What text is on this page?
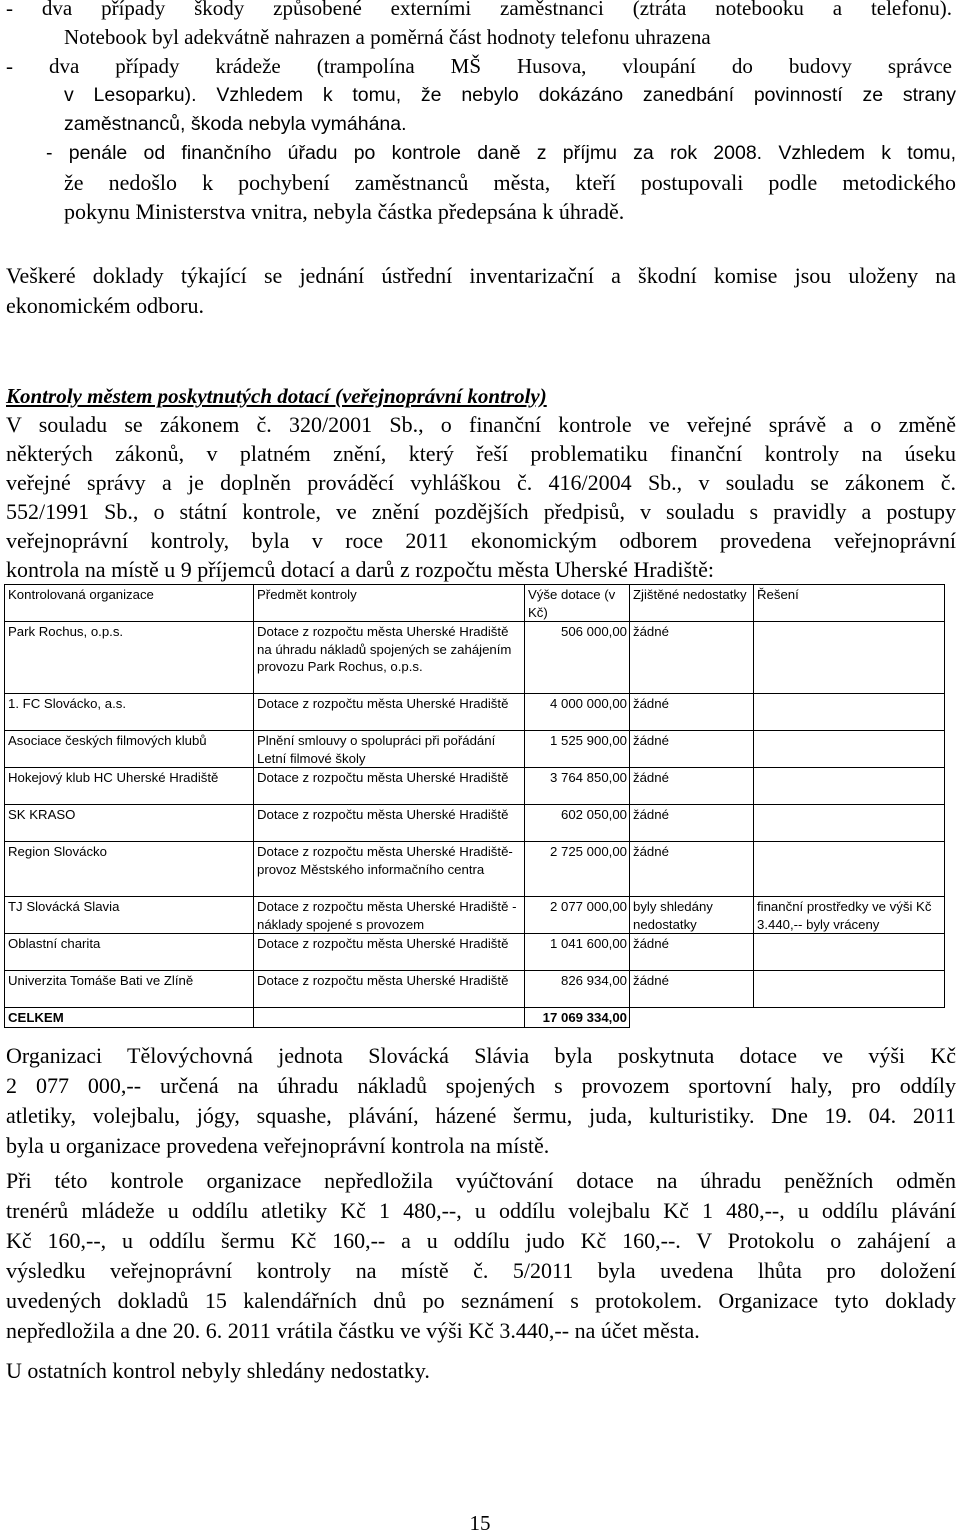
- dva případy škody způsobené externími zaměstnanci (ztráta notebooku a telefonu).
Notebook byl adekvátně nahrazen a poměrná část hodnoty telefonu uhrazena
- dva případy krádeže (trampolína MŠ Husova, vloupání do budovy správce
v Lesoparku). Vzhledem k tomu, že nebylo dokázáno zanedbání povinností ze strany
zaměstnanců, škoda nebyla vymáhána.
- penále od finančního úřadu po kontrole daně z příjmu za rok 2008. Vzhledem k tomu,
že nedošlo k pochybení zaměstnanců města, kteří postupovali podle metodického
pokynu Ministerstva vnitra, nebyla částka předepsána k úhradě.
Veškeré doklady týkající se jednání ústřední inventarizační a škodní komise jsou uloženy na
ekonomickém odboru.
Kontroly městem poskytnutých dotací (veřejnoprávní kontroly)
V souladu se zákonem č. 320/2001 Sb., o finanční kontrole ve veřejné správě a o změně
některých zákonů, v platném znění, který řeší problematiku finanční kontroly na úseku
veřejné správy a je doplněn prováděcí vyhláškou č. 416/2004 Sb., v souladu se zákonem č.
552/1991 Sb., o státní kontrole, ve znění pozdějších předpisů, v souladu s pravidly a postupy
veřejnoprávní kontroly, byla v roce 2011 ekonomickým odborem provedena veřejnoprávní
kontrola na místě u 9 příjemců dotací a darů z rozpočtu města Uherské Hradiště:
Kontrolovaná organizace	Předmět kontroly	Výše dotace (v Kč)	Zjištěné nedostatky	Řešení
Park Rochus, o.p.s.	Dotace z rozpočtu města Uherské Hradiště na úhradu nákladů spojených se zahájením provozu Park Rochus, o.p.s.	506 000,00	žádné	
1. FC Slovácko, a.s.	Dotace z rozpočtu města Uherské Hradiště	4 000 000,00	žádné	
Asociace českých filmových klubů	Plnění smlouvy o spolupráci při pořádání Letní filmové školy	1 525 900,00	žádné	
Hokejový klub HC Uherské Hradiště	Dotace z rozpočtu města Uherské Hradiště	3 764 850,00	žádné	
SK KRASO	Dotace z rozpočtu města Uherské Hradiště	602 050,00	žádné	
Region Slovácko	Dotace z rozpočtu města Uherské Hradiště- provoz Městského informačního centra	2 725 000,00	žádné	
TJ Slovácká Slavia	Dotace z rozpočtu města Uherské Hradiště -náklady spojené s provozem	2 077 000,00	byly shledány nedostatky	finanční prostředky ve výši Kč 3.440,-- byly vráceny
Oblastní charita	Dotace z rozpočtu města Uherské Hradiště	1 041 600,00	žádné	
Univerzita Tomáše Bati ve Zlíně	Dotace z rozpočtu města Uherské Hradiště	826 934,00	žádné	
CELKEM		17 069 334,00		
Organizaci Tělovýchovná jednota Slovácká Slávia byla poskytnuta dotace ve výši Kč
2 077 000,-- určená na úhradu nákladů spojených s provozem sportovní haly, pro oddíly
atletiky, volejbalu, jógy, squashe, plávání, házené šermu, juda, kulturistiky. Dne 19. 04. 2011
byla u organizace provedena veřejnoprávní kontrola na místě.
Při této kontrole organizace nepředložila vyúčtování dotace na úhradu peněžních odměn
trenérů mládeže u oddílu atletiky Kč 1 480,--, u oddílu volejbalu Kč 1 480,--, u oddílu plávání
Kč 160,--, u oddílu šermu Kč 160,-- a u oddílu judo Kč 160,--. V Protokolu o zahájení a
výsledku veřejnoprávní kontroly na místě č. 5/2011 byla uvedena lhůta pro doložení
uvedených dokladů 15 kalendářních dnů po seznámení s protokolem. Organizace tyto doklady
nepředložila a dne 20. 6. 2011 vrátila částku ve výši Kč 3.440,-- na účet města.
U ostatních kontrol nebyly shledány nedostatky.
15
